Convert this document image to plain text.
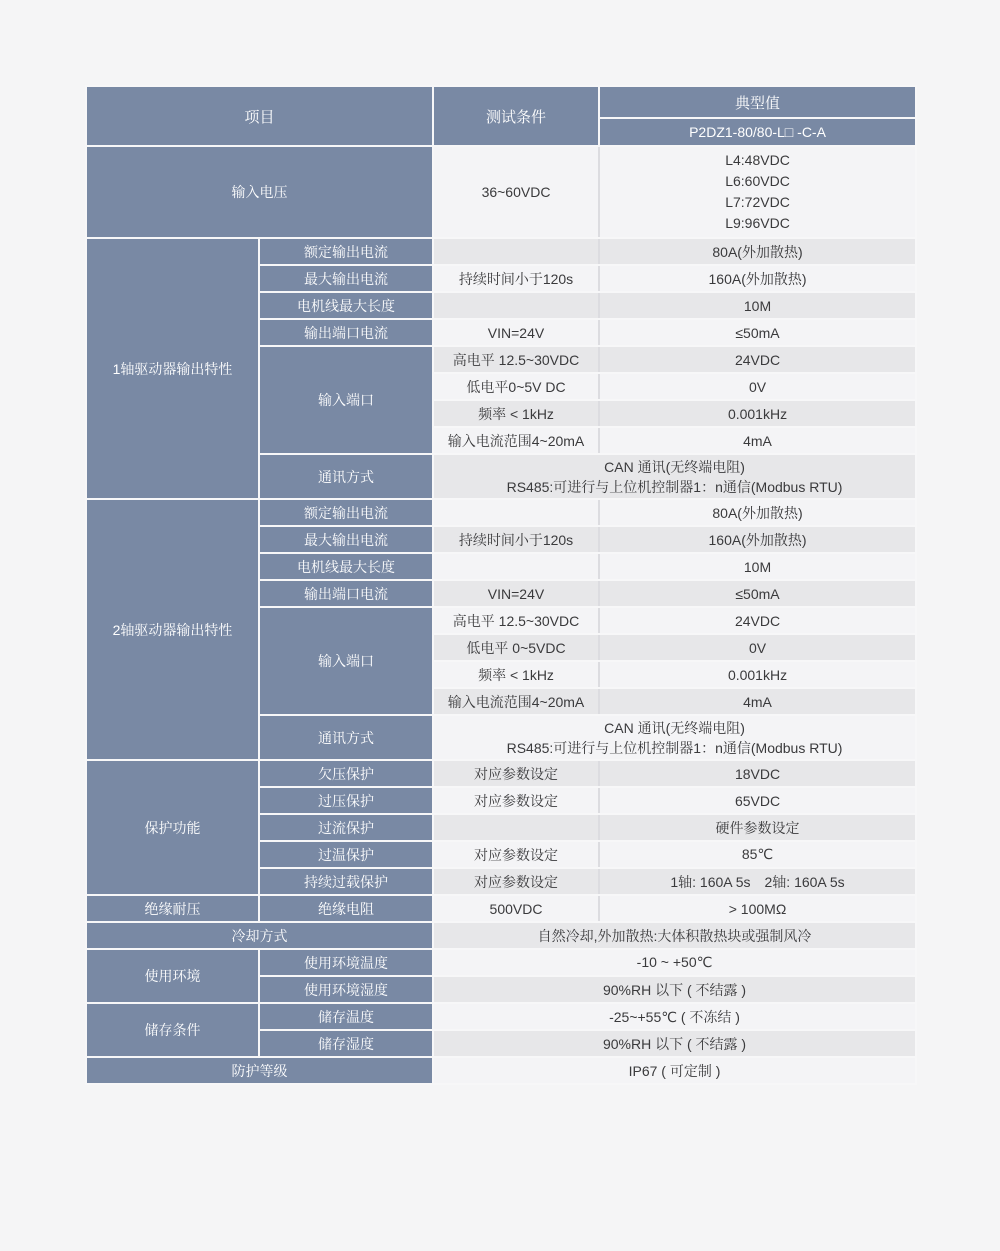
项目		测试条件	典型值
			P2DZ1-80/80-L□ -C-A
输入电压		36~60VDC	L4:48VDC
L6:60VDC
L7:72VDC
L9:96VDC

1轴驱动器输出特性	额定输出电流		80A(外加散热)
	最大输出电流	持续时间小于120s	160A(外加散热)
	电机线最大长度		10M
	输出端口电流	VIN=24V	≤50mA
	输入端口	高电平 12.5~30VDC	24VDC
		低电平0~5V DC	0V
		频率 < 1kHz	0.001kHz
		输入电流范围4~20mA	4mA
	通讯方式	CAN 通讯(无终端电阻)
RS485:可进行与上位机控制器1：n通信(Modbus RTU)	

2轴驱动器输出特性	额定输出电流		80A(外加散热)
	最大输出电流	持续时间小于120s	160A(外加散热)
	电机线最大长度		10M
	输出端口电流	VIN=24V	≤50mA
	输入端口	高电平 12.5~30VDC	24VDC
		低电平 0~5VDC	0V
		频率 < 1kHz	0.001kHz
		输入电流范围4~20mA	4mA
	通讯方式	CAN 通讯(无终端电阻)
RS485:可进行与上位机控制器1：n通信(Modbus RTU)	

保护功能	欠压保护	对应参数设定	18VDC
	过压保护	对应参数设定	65VDC
	过流保护		硬件参数设定
	过温保护	对应参数设定	85℃
	持续过载保护	对应参数设定	1轴: 160A 5s　2轴: 160A 5s
绝缘耐压	绝缘电阻	500VDC	> 100MΩ
冷却方式		自然冷却,外加散热:大体积散热块或强制风冷	
使用环境	使用环境温度	-10 ~ +50℃	
	使用环境湿度	90%RH 以下 ( 不结露 )	
储存条件	储存温度	-25~+55℃ ( 不冻结 )	
	储存湿度	90%RH 以下 ( 不结露 )	
防护等级		IP67 ( 可定制 )	
